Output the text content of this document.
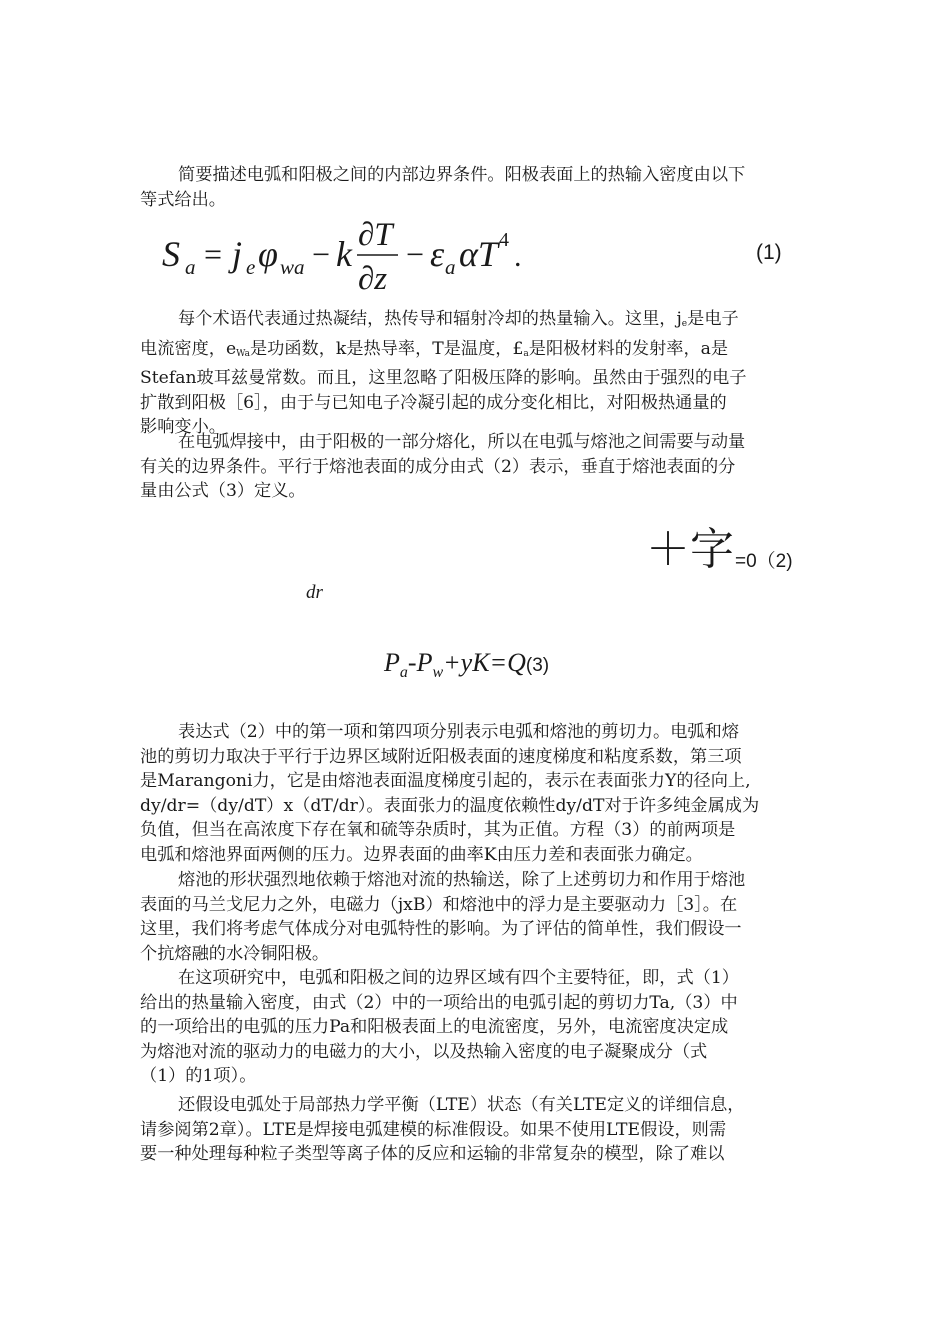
简要描述电弧和阳极之间的内部边界条件。阳极表面上的热输入密度由以下
等式给出。

S a = j e φ wa − k ∂T
∂z
− ε a αT 4 .	(1)

每个术语代表通过热凝结，热传导和辐射冷却的热量输入。这里，je是电子
电流密度，eWa是功函数，k是热导率，T是温度，£a是阳极材料的发射率，a是
Stefan玻耳兹曼常数。而且，这里忽略了阳极压降的影响。虽然由于强烈的电子
扩散到阳极［6］，由于与已知电子冷凝引起的成分变化相比，对阳极热通量的
影响变小。

在电弧焊接中，由于阳极的一部分熔化，所以在电弧与熔池之间需要与动量
有关的边界条件。平行于熔池表面的成分由式（2）表示，垂直于熔池表面的分
量由公式（3）定义。

＋字 =0（2)
dr
$P_a-P_w+yK=Q(3)$

表达式（2）中的第一项和第四项分别表示电弧和熔池的剪切力。电弧和熔
池的剪切力取决于平行于边界区域附近阳极表面的速度梯度和粘度系数，第三项
是Marangoni力，它是由熔池表面温度梯度引起的，表示在表面张力Y的径向上,
dy/dr=（dy/dT）x（dT/dr）。表面张力的温度依赖性dy/dT对于许多纯金属成为
负值，但当在高浓度下存在氧和硫等杂质时，其为正值。方程（3）的前两项是
电弧和熔池界面两侧的压力。边界表面的曲率K由压力差和表面张力确定。

熔池的形状强烈地依赖于熔池对流的热输送，除了上述剪切力和作用于熔池
表面的马兰戈尼力之外，电磁力（jxB）和熔池中的浮力是主要驱动力［3］。在
这里，我们将考虑气体成分对电弧特性的影响。为了评估的简单性，我们假设一
个抗熔融的水冷铜阳极。

在这项研究中，电弧和阳极之间的边界区域有四个主要特征，即，式（1）
给出的热量输入密度，由式（2）中的一项给出的电弧引起的剪切力Ta,（3）中
的一项给出的电弧的压力Pa和阳极表面上的电流密度，另外，电流密度决定成
为熔池对流的驱动力的电磁力的大小，以及热输入密度的电子凝聚成分（式
（1）的1项）。

还假设电弧处于局部热力学平衡（LTE）状态（有关LTE定义的详细信息，
请参阅第2章）。LTE是焊接电弧建模的标准假设。如果不使用LTE假设，则需
要一种处理每种粒子类型等离子体的反应和运输的非常复杂的模型，除了难以
